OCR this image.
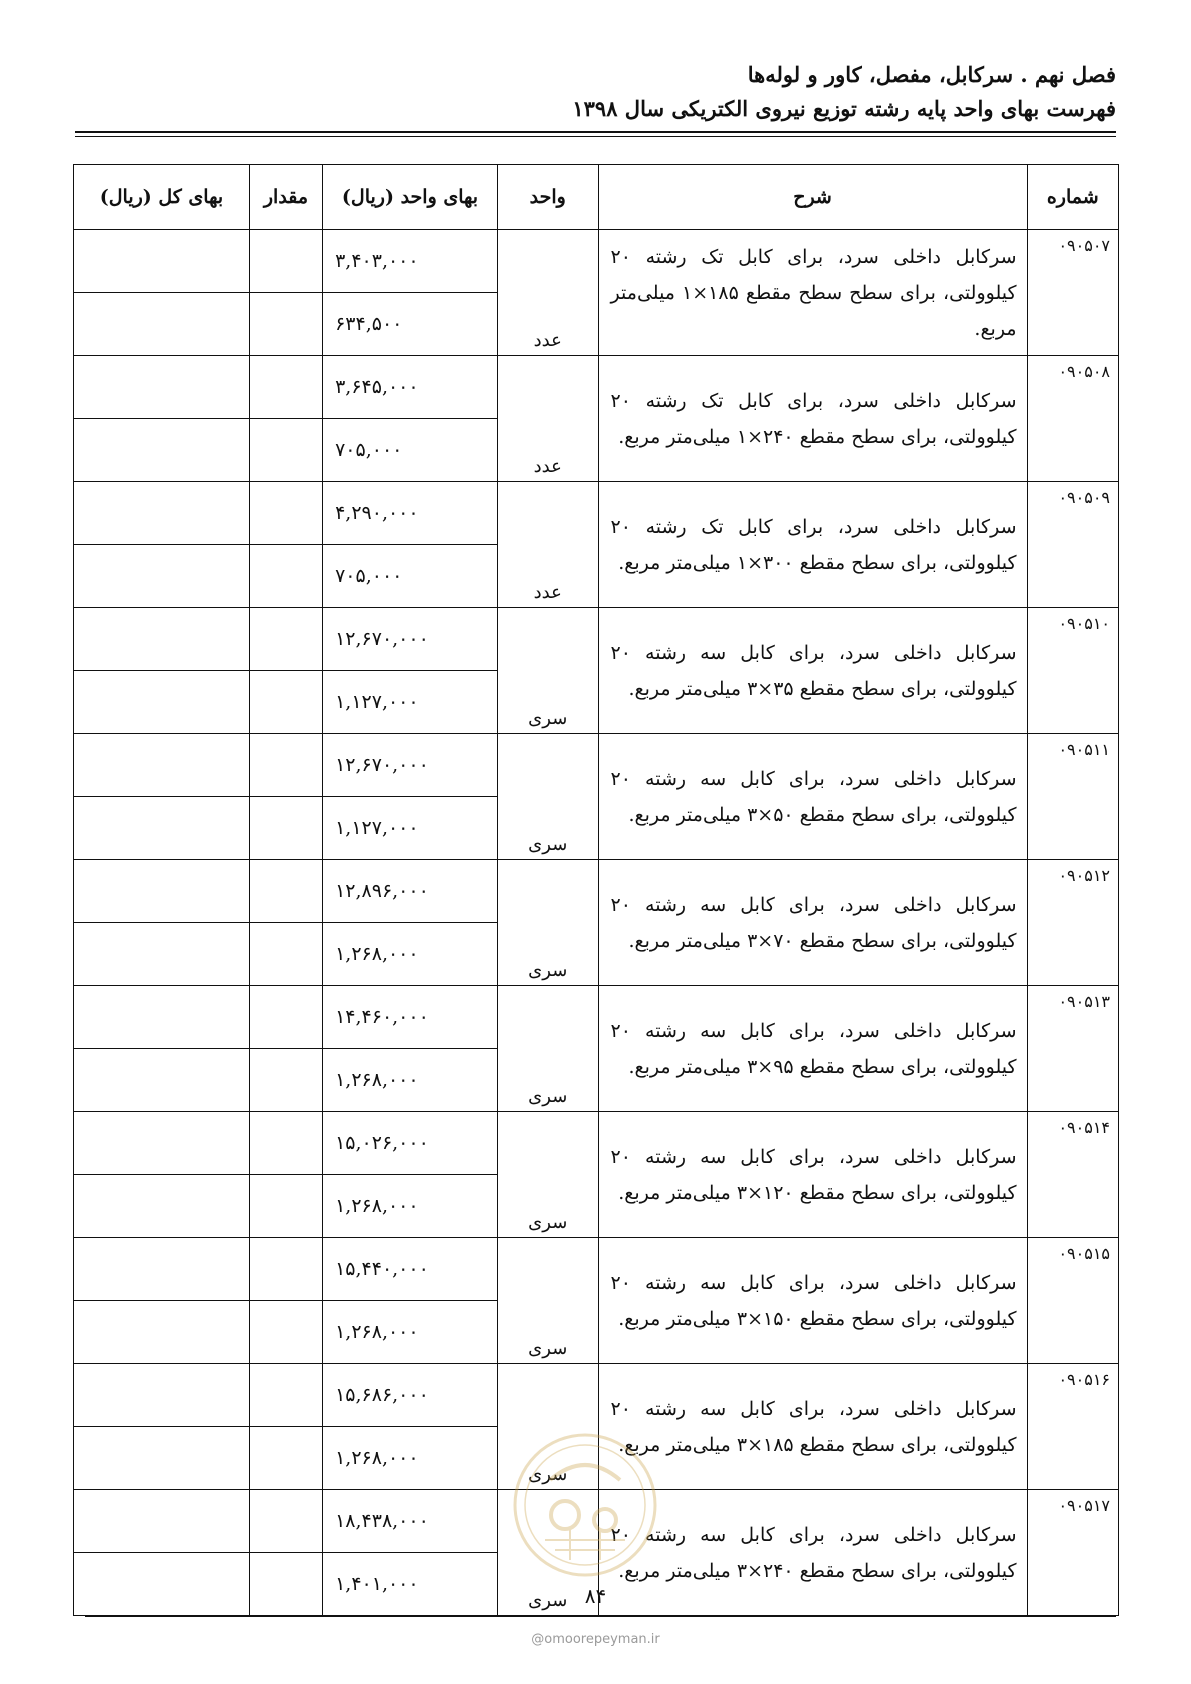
فصل نهم . سرکابل، مفصل، کاور و لوله‌ها
فهرست بهای واحد پایه رشته توزیع نیروی الکتریکی سال ۱۳۹۸
شماره	شرح	واحد	بهای واحد (ریال)	مقدار	بهای کل (ریال)
۰۹۰۵۰۷	سرکابل داخلی سرد، برای کابل تک رشته ۲۰ کیلوولتی، برای سطح سطح مقطع ۱۸۵×۱ میلی‌متر مربع.	عدد	۳,۴۰۳,۰۰۰		
			۶۳۴,۵۰۰		
۰۹۰۵۰۸	سرکابل داخلی سرد، برای کابل تک رشته ۲۰ کیلوولتی، برای سطح مقطع ۲۴۰×۱ میلی‌متر مربع.	عدد	۳,۶۴۵,۰۰۰		
			۷۰۵,۰۰۰		
۰۹۰۵۰۹	سرکابل داخلی سرد، برای کابل تک رشته ۲۰ کیلوولتی، برای سطح مقطع ۳۰۰×۱ میلی‌متر مربع.	عدد	۴,۲۹۰,۰۰۰		
			۷۰۵,۰۰۰		
۰۹۰۵۱۰	سرکابل داخلی سرد، برای کابل سه رشته ۲۰ کیلوولتی، برای سطح مقطع ۳۵×۳ میلی‌متر مربع.	سری	۱۲,۶۷۰,۰۰۰		
			۱,۱۲۷,۰۰۰		
۰۹۰۵۱۱	سرکابل داخلی سرد، برای کابل سه رشته ۲۰ کیلوولتی، برای سطح مقطع ۵۰×۳ میلی‌متر مربع.	سری	۱۲,۶۷۰,۰۰۰		
			۱,۱۲۷,۰۰۰		
۰۹۰۵۱۲	سرکابل داخلی سرد، برای کابل سه رشته ۲۰ کیلوولتی، برای سطح مقطع ۷۰×۳ میلی‌متر مربع.	سری	۱۲,۸۹۶,۰۰۰		
			۱,۲۶۸,۰۰۰		
۰۹۰۵۱۳	سرکابل داخلی سرد، برای کابل سه رشته ۲۰ کیلوولتی، برای سطح مقطع ۹۵×۳ میلی‌متر مربع.	سری	۱۴,۴۶۰,۰۰۰		
			۱,۲۶۸,۰۰۰		
۰۹۰۵۱۴	سرکابل داخلی سرد، برای کابل سه رشته ۲۰ کیلوولتی، برای سطح مقطع ۱۲۰×۳ میلی‌متر مربع.	سری	۱۵,۰۲۶,۰۰۰		
			۱,۲۶۸,۰۰۰		
۰۹۰۵۱۵	سرکابل داخلی سرد، برای کابل سه رشته ۲۰ کیلوولتی، برای سطح مقطع ۱۵۰×۳ میلی‌متر مربع.	سری	۱۵,۴۴۰,۰۰۰		
			۱,۲۶۸,۰۰۰		
۰۹۰۵۱۶	سرکابل داخلی سرد، برای کابل سه رشته ۲۰ کیلوولتی، برای سطح مقطع ۱۸۵×۳ میلی‌متر مربع.	سری	۱۵,۶۸۶,۰۰۰		
			۱,۲۶۸,۰۰۰		
۰۹۰۵۱۷	سرکابل داخلی سرد، برای کابل سه رشته ۲۰ کیلوولتی، برای سطح مقطع ۲۴۰×۳ میلی‌متر مربع.	سری	۱۸,۴۳۸,۰۰۰		
			۱,۴۰۱,۰۰۰			۸۴
@omoorepeyman.ir
